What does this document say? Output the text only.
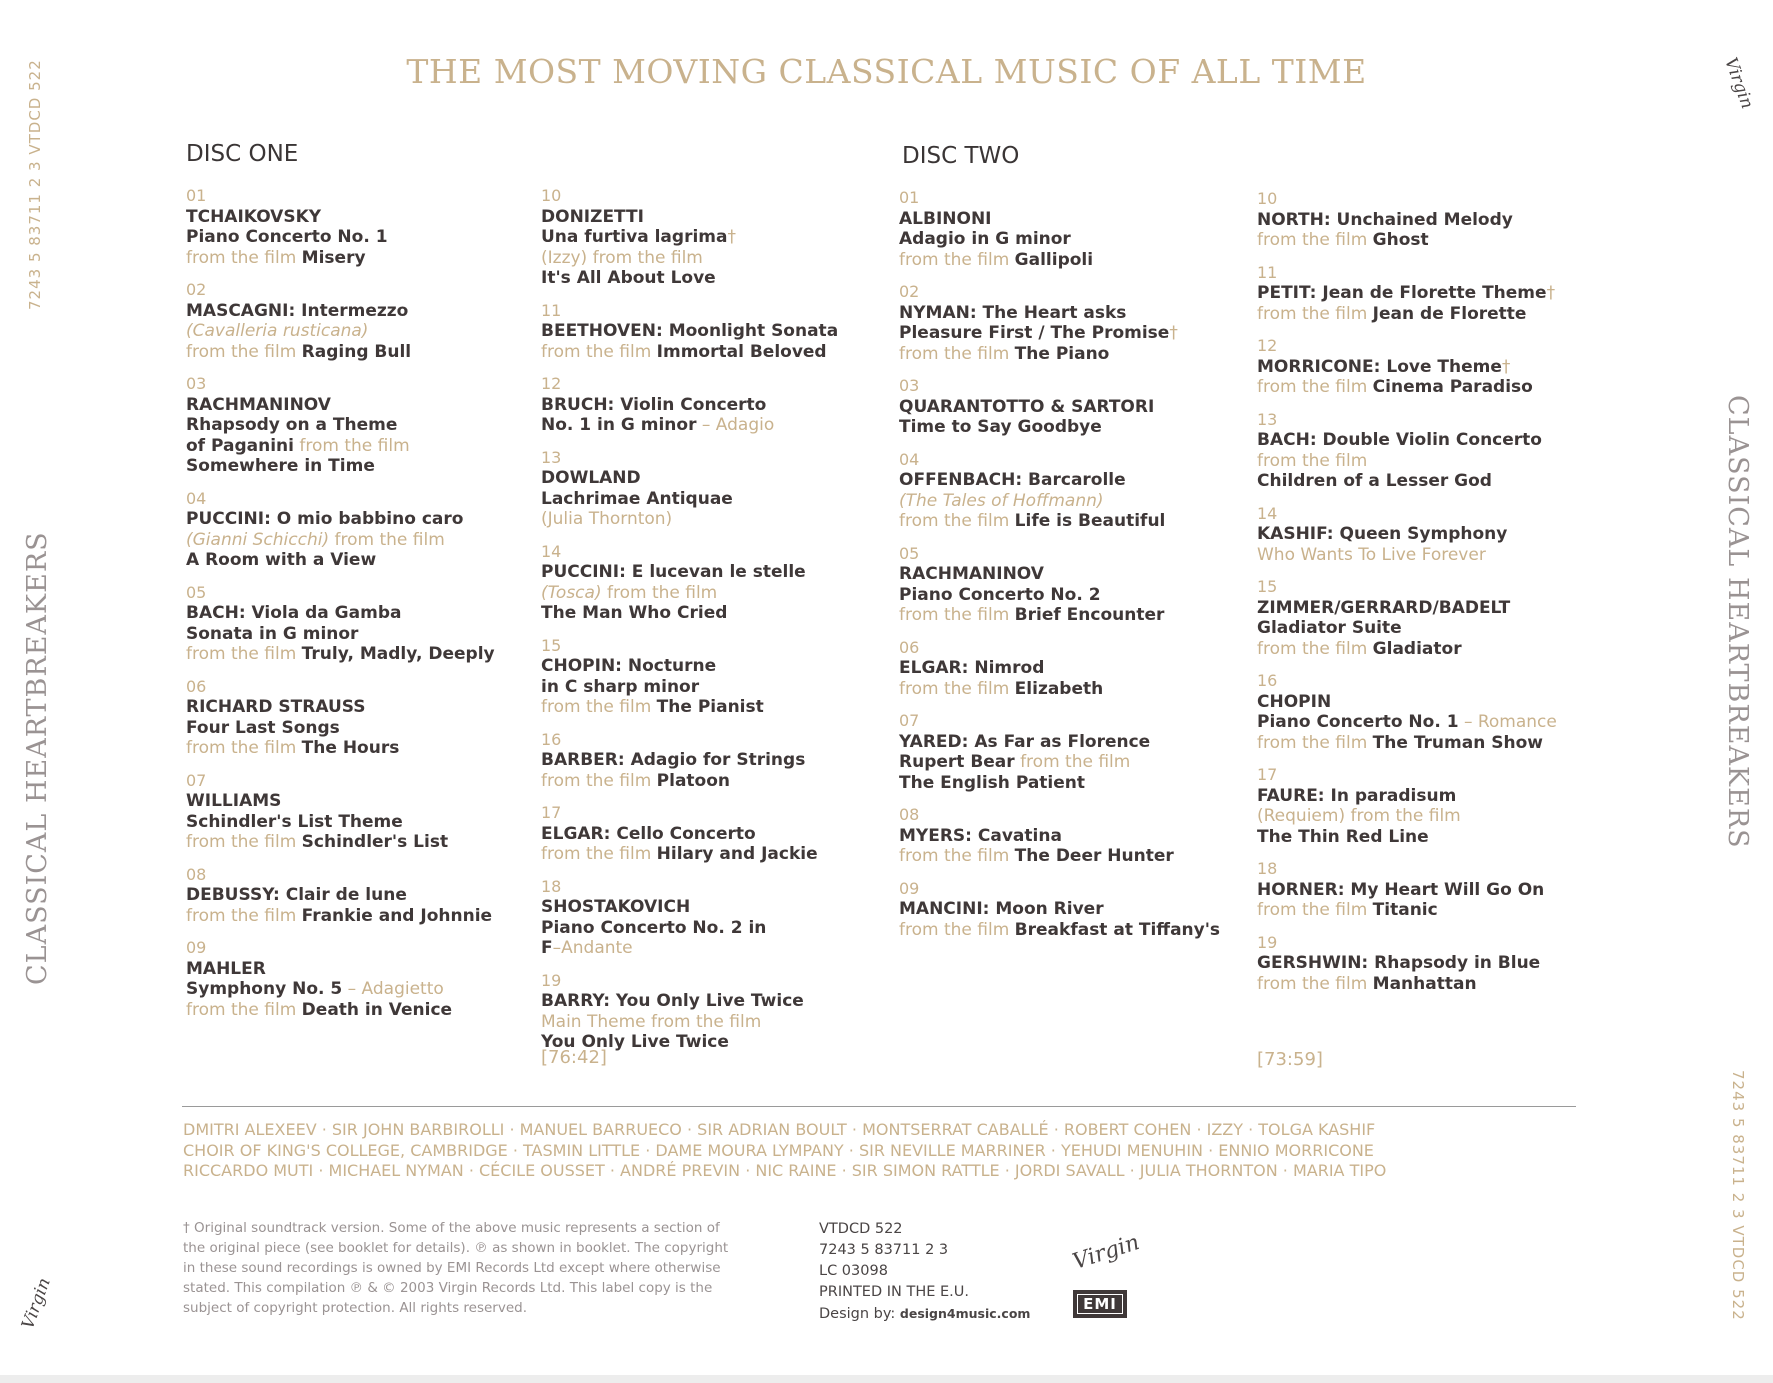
7243 5 83711 2 3 VTDCD 522
CLASSICAL HEARTBREAKERS
Virgin
Virgin
CLASSICAL HEARTBREAKERS
7243 5 83711 2 3 VTDCD 522
THE MOST MOVING CLASSICAL MUSIC OF ALL TIME
DISC ONE	DISC TWO
01
TCHAIKOVSKY
Piano Concerto No. 1
from the film Misery
02
MASCAGNI: Intermezzo
(Cavalleria rusticana)
from the film Raging Bull
03
RACHMANINOV
Rhapsody on a Theme
of Paganini from the film
Somewhere in Time
04
PUCCINI: O mio babbino caro
(Gianni Schicchi) from the film
A Room with a View
05
BACH: Viola da Gamba
Sonata in G minor
from the film Truly, Madly, Deeply
06
RICHARD STRAUSS
Four Last Songs
from the film The Hours
07
WILLIAMS
Schindler's List Theme
from the film Schindler's List
08
DEBUSSY: Clair de lune
from the film Frankie and Johnnie
09
MAHLER
Symphony No. 5 – Adagietto
from the film Death in Venice
10
DONIZETTI
Una furtiva lagrima†
(Izzy) from the film
It's All About Love
11
BEETHOVEN: Moonlight Sonata
from the film Immortal Beloved
12
BRUCH: Violin Concerto
No. 1 in G minor – Adagio
13
DOWLAND
Lachrimae Antiquae
(Julia Thornton)
14
PUCCINI: E lucevan le stelle
(Tosca) from the film
The Man Who Cried
15
CHOPIN: Nocturne
in C sharp minor
from the film The Pianist
16
BARBER: Adagio for Strings
from the film Platoon
17
ELGAR: Cello Concerto
from the film Hilary and Jackie
18
SHOSTAKOVICH
Piano Concerto No. 2 in
F–Andante
19
BARRY: You Only Live Twice
Main Theme from the film
You Only Live Twice
01
ALBINONI
Adagio in G minor
from the film Gallipoli
02
NYMAN: The Heart asks
Pleasure First / The Promise†
from the film The Piano
03
QUARANTOTTO & SARTORI
Time to Say Goodbye
04
OFFENBACH: Barcarolle
(The Tales of Hoffmann)
from the film Life is Beautiful
05
RACHMANINOV
Piano Concerto No. 2
from the film Brief Encounter
06
ELGAR: Nimrod
from the film Elizabeth
07
YARED: As Far as Florence
Rupert Bear from the film
The English Patient
08
MYERS: Cavatina
from the film The Deer Hunter
09
MANCINI: Moon River
from the film Breakfast at Tiffany's
10
NORTH: Unchained Melody
from the film Ghost
11
PETIT: Jean de Florette Theme†
from the film Jean de Florette
12
MORRICONE: Love Theme†
from the film Cinema Paradiso
13
BACH: Double Violin Concerto
from the film
Children of a Lesser God
14
KASHIF: Queen Symphony
Who Wants To Live Forever
15
ZIMMER/GERRARD/BADELT
Gladiator Suite
from the film Gladiator
16
CHOPIN
Piano Concerto No. 1 – Romance
from the film The Truman Show
17
FAURE: In paradisum
(Requiem) from the film
The Thin Red Line
18
HORNER: My Heart Will Go On
from the film Titanic
19
GERSHWIN: Rhapsody in Blue
from the film Manhattan
[76:42]	[73:59]
DMITRI ALEXEEV · SIR JOHN BARBIROLLI · MANUEL BARRUECO · SIR ADRIAN BOULT · MONTSERRAT CABALLÉ · ROBERT COHEN · IZZY · TOLGA KASHIF
CHOIR OF KING'S COLLEGE, CAMBRIDGE · TASMIN LITTLE · DAME MOURA LYMPANY · SIR NEVILLE MARRINER · YEHUDI MENUHIN · ENNIO MORRICONE
RICCARDO MUTI · MICHAEL NYMAN · CÉCILE OUSSET · ANDRÉ PREVIN · NIC RAINE · SIR SIMON RATTLE · JORDI SAVALL · JULIA THORNTON · MARIA TIPO
† Original soundtrack version. Some of the above music represents a section of
the original piece (see booklet for details). ℗ as shown in booklet. The copyright
in these sound recordings is owned by EMI Records Ltd except where otherwise
stated. This compilation ℗ & © 2003 Virgin Records Ltd. This label copy is the
subject of copyright protection. All rights reserved.
VTDCD 522
7243 5 83711 2 3
LC 03098
PRINTED IN THE E.U.
Design by: design4music.com
Virgin
EMI
